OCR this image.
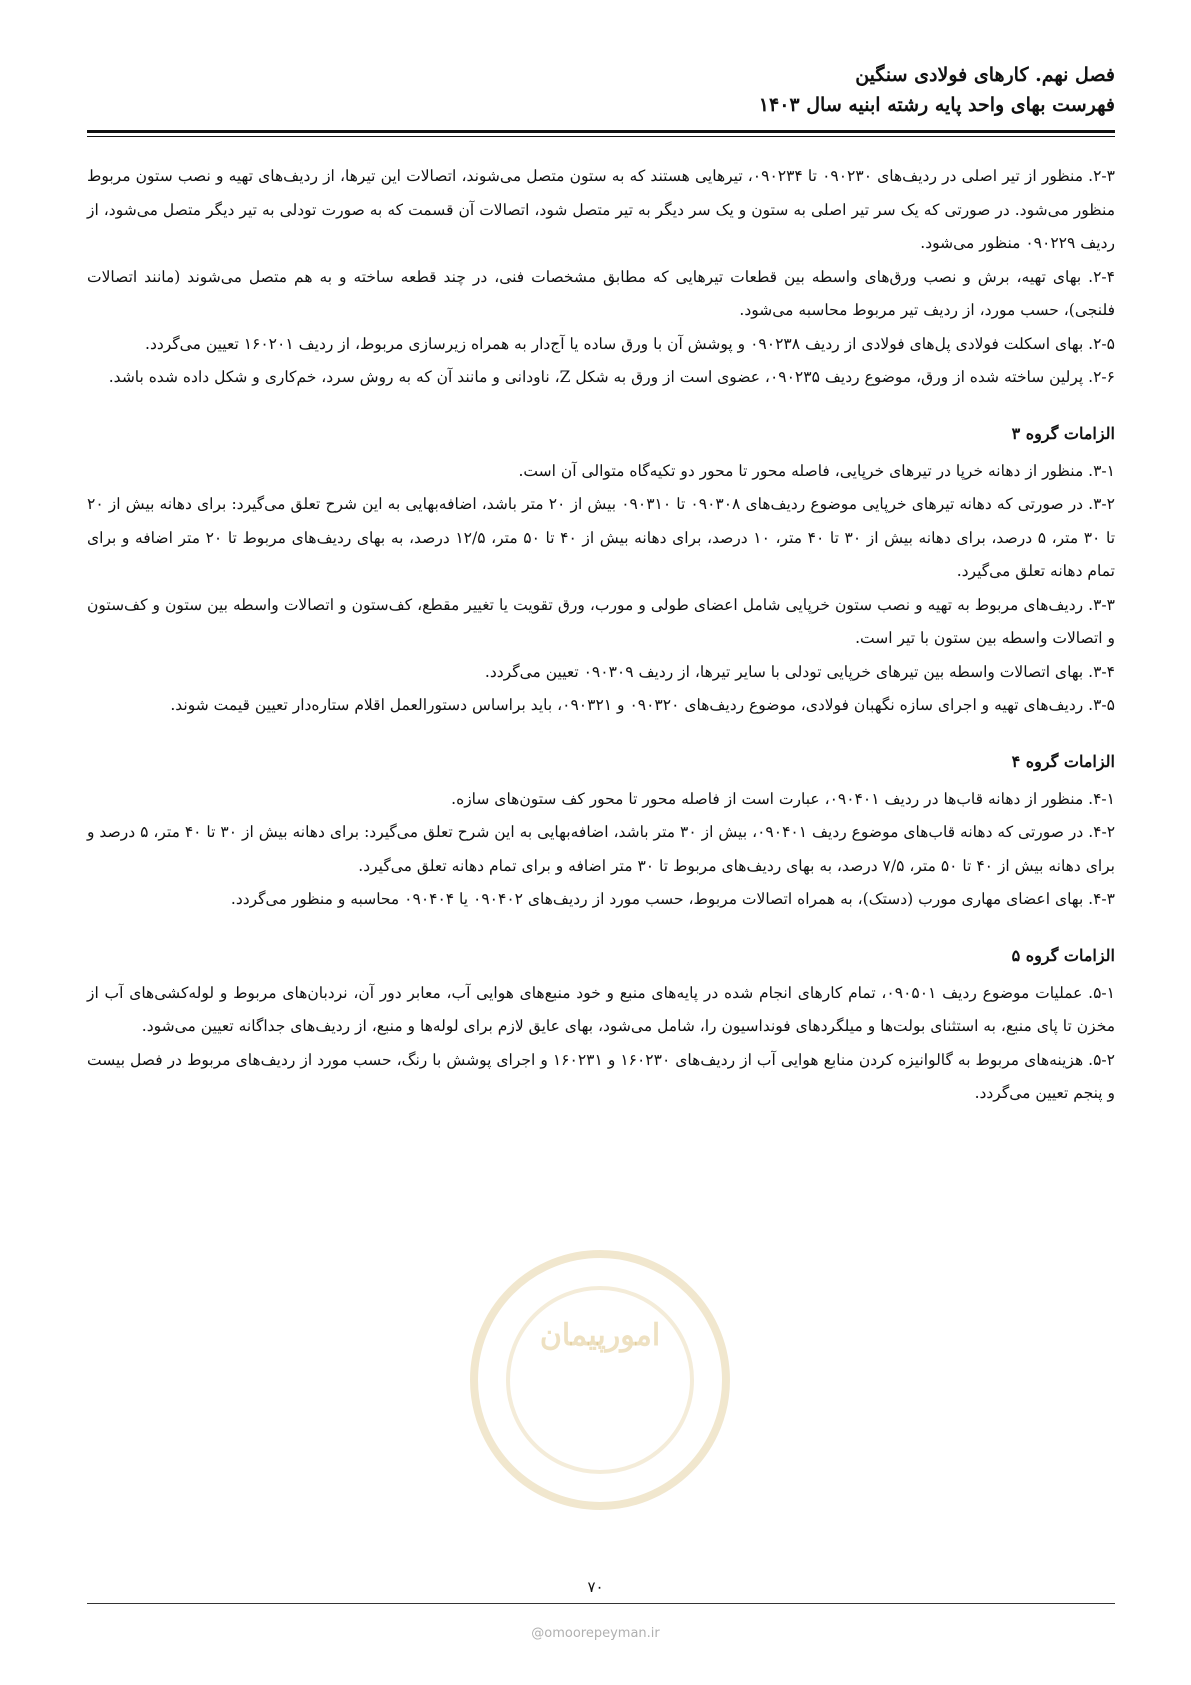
فصل نهم. کارهای فولادی سنگین
فهرست بهای واحد پایه رشته ابنیه سال ۱۴۰۳
امورپیمان

۲-۳. منظور از تیر اصلی در ردیف‌های ۰۹۰۲۳۰ تا ۰۹۰۲۳۴، تیرهایی هستند که به ستون متصل می‌شوند، اتصالات این تیرها، از ردیف‌های تهیه و نصب ستون مربوط منظور می‌شود. در صورتی که یک سر تیر اصلی به ستون و یک سر دیگر به تیر متصل شود، اتصالات آن قسمت که به صورت تودلی به تیر دیگر متصل می‌شود، از ردیف ۰۹۰۲۲۹ منظور می‌شود.

۲-۴. بهای تهیه، برش و نصب ورق‌های واسطه بین قطعات تیرهایی که مطابق مشخصات فنی، در چند قطعه ساخته و به هم متصل می‌شوند (مانند اتصالات فلنجی)، حسب مورد، از ردیف تیر مربوط محاسبه می‌شود.

۲-۵. بهای اسکلت فولادی پل‌های فولادی از ردیف ۰۹۰۲۳۸ و پوشش آن با ورق ساده یا آج‌دار به همراه زیرسازی مربوط، از ردیف ۱۶۰۲۰۱ تعیین می‌گردد.

۲-۶. پرلین ساخته شده از ورق، موضوع ردیف ۰۹۰۲۳۵، عضوی است از ورق به شکل Z، ناودانی و مانند آن که به روش سرد، خم‌کاری و شکل داده شده باشد.

الزامات گروه ۳

۳-۱. منظور از دهانه خرپا در تیرهای خرپایی، فاصله محور تا محور دو تکیه‌گاه متوالی آن است.

۳-۲. در صورتی که دهانه تیرهای خرپایی موضوع ردیف‌های ۰۹۰۳۰۸ تا ۰۹۰۳۱۰ بیش از ۲۰ متر باشد، اضافه‌بهایی به این شرح تعلق می‌گیرد: برای دهانه بیش از ۲۰ تا ۳۰ متر، ۵ درصد، برای دهانه بیش از ۳۰ تا ۴۰ متر، ۱۰ درصد، برای دهانه بیش از ۴۰ تا ۵۰ متر، ۱۲/۵ درصد، به بهای ردیف‌های مربوط تا ۲۰ متر اضافه و برای تمام دهانه تعلق می‌گیرد.

۳-۳. ردیف‌های مربوط به تهیه و نصب ستون خرپایی شامل اعضای طولی و مورب، ورق تقویت یا تغییر مقطع، کف‌ستون و اتصالات واسطه بین ستون و کف‌ستون و اتصالات واسطه بین ستون با تیر است.

۳-۴. بهای اتصالات واسطه بین تیرهای خرپایی تودلی با سایر تیرها، از ردیف ۰۹۰۳۰۹ تعیین می‌گردد.

۳-۵. ردیف‌های تهیه و اجرای سازه نگهبان فولادی، موضوع ردیف‌های ۰۹۰۳۲۰ و ۰۹۰۳۲۱، باید براساس دستورالعمل اقلام ستاره‌دار تعیین قیمت شوند.

الزامات گروه ۴

۴-۱. منظور از دهانه قاب‌ها در ردیف ۰۹۰۴۰۱، عبارت است از فاصله محور تا محور کف ستون‌های سازه.

۴-۲. در صورتی که دهانه قاب‌های موضوع ردیف ۰۹۰۴۰۱، بیش از ۳۰ متر باشد، اضافه‌بهایی به این شرح تعلق می‌گیرد: برای دهانه بیش از ۳۰ تا ۴۰ متر، ۵ درصد و برای دهانه بیش از ۴۰ تا ۵۰ متر، ۷/۵ درصد، به بهای ردیف‌های مربوط تا ۳۰ متر اضافه و برای تمام دهانه تعلق می‌گیرد.

۴-۳. بهای اعضای مهاری مورب (دستک)، به همراه اتصالات مربوط، حسب مورد از ردیف‌های ۰۹۰۴۰۲ یا ۰۹۰۴۰۴ محاسبه و منظور می‌گردد.

الزامات گروه ۵

۵-۱. عملیات موضوع ردیف ۰۹۰۵۰۱، تمام کارهای انجام شده در پایه‌های منبع و خود منبع‌های هوایی آب، معابر دور آن، نردبان‌های مربوط و لوله‌کشی‌های آب از مخزن تا پای منبع، به استثنای بولت‌ها و میلگردهای فونداسیون را، شامل می‌شود، بهای عایق لازم برای لوله‌ها و منبع، از ردیف‌های جداگانه تعیین می‌شود.

۵-۲. هزینه‌های مربوط به گالوانیزه کردن منابع هوایی آب از ردیف‌های ۱۶۰۲۳۰ و ۱۶۰۲۳۱ و اجرای پوشش با رنگ، حسب مورد از ردیف‌های مربوط در فصل بیست و پنجم تعیین می‌گردد.

۷۰
@omoorepeyman.ir
